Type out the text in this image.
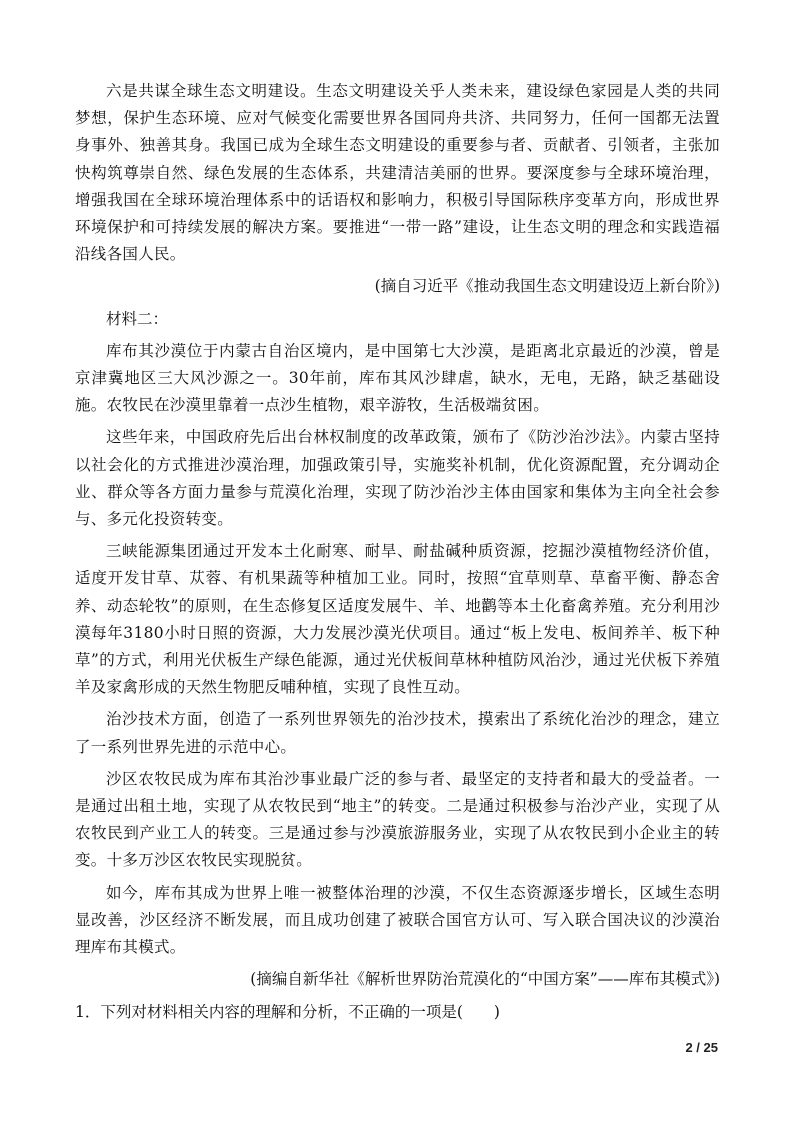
六是共谋全球生态文明建设。生态文明建设关乎人类未来，建设绿色家园是人类的共同梦想，保护生态环境、应对气候变化需要世界各国同舟共济、共同努力，任何一国都无法置身事外、独善其身。我国已成为全球生态文明建设的重要参与者、贡献者、引领者，主张加快构筑尊崇自然、绿色发展的生态体系，共建清洁美丽的世界。要深度参与全球环境治理，增强我国在全球环境治理体系中的话语权和影响力，积极引导国际秩序变革方向，形成世界环境保护和可持续发展的解决方案。要推进“一带一路”建设，让生态文明的理念和实践造福沿线各国人民。

(摘自习近平《推动我国生态文明建设迈上新台阶》)

材料二：

库布其沙漠位于内蒙古自治区境内，是中国第七大沙漠，是距离北京最近的沙漠，曾是京津冀地区三大风沙源之一。30年前，库布其风沙肆虐，缺水，无电，无路，缺乏基础设施。农牧民在沙漠里靠着一点沙生植物，艰辛游牧，生活极端贫困。

这些年来，中国政府先后出台林权制度的改革政策，颁布了《防沙治沙法》。内蒙古坚持以社会化的方式推进沙漠治理，加强政策引导，实施奖补机制，优化资源配置，充分调动企业、群众等各方面力量参与荒漠化治理，实现了防沙治沙主体由国家和集体为主向全社会参与、多元化投资转变。

三峡能源集团通过开发本土化耐寒、耐旱、耐盐碱种质资源，挖掘沙漠植物经济价值，适度开发甘草、苁蓉、有机果蔬等种植加工业。同时，按照“宜草则草、草畜平衡、静态舍养、动态轮牧”的原则，在生态修复区适度发展牛、羊、地鹳等本土化畜禽养殖。充分利用沙漠每年3180小时日照的资源，大力发展沙漠光伏项目。通过“板上发电、板间养羊、板下种草”的方式，利用光伏板生产绿色能源，通过光伏板间草林种植防风治沙，通过光伏板下养殖羊及家禽形成的天然生物肥反哺种植，实现了良性互动。

治沙技术方面，创造了一系列世界领先的治沙技术，摸索出了系统化治沙的理念，建立了一系列世界先进的示范中心。

沙区农牧民成为库布其治沙事业最广泛的参与者、最坚定的支持者和最大的受益者。一是通过出租土地，实现了从农牧民到“地主”的转变。二是通过积极参与治沙产业，实现了从农牧民到产业工人的转变。三是通过参与沙漠旅游服务业，实现了从农牧民到小企业主的转变。十多万沙区农牧民实现脱贫。

如今，库布其成为世界上唯一被整体治理的沙漠，不仅生态资源逐步增长，区域生态明显改善，沙区经济不断发展，而且成功创建了被联合国官方认可、写入联合国决议的沙漠治理库布其模式。

(摘编自新华社《解析世界防治荒漠化的“中国方案”——库布其模式》)

1．下列对材料相关内容的理解和分析，不正确的一项是(　　)

2 / 25
